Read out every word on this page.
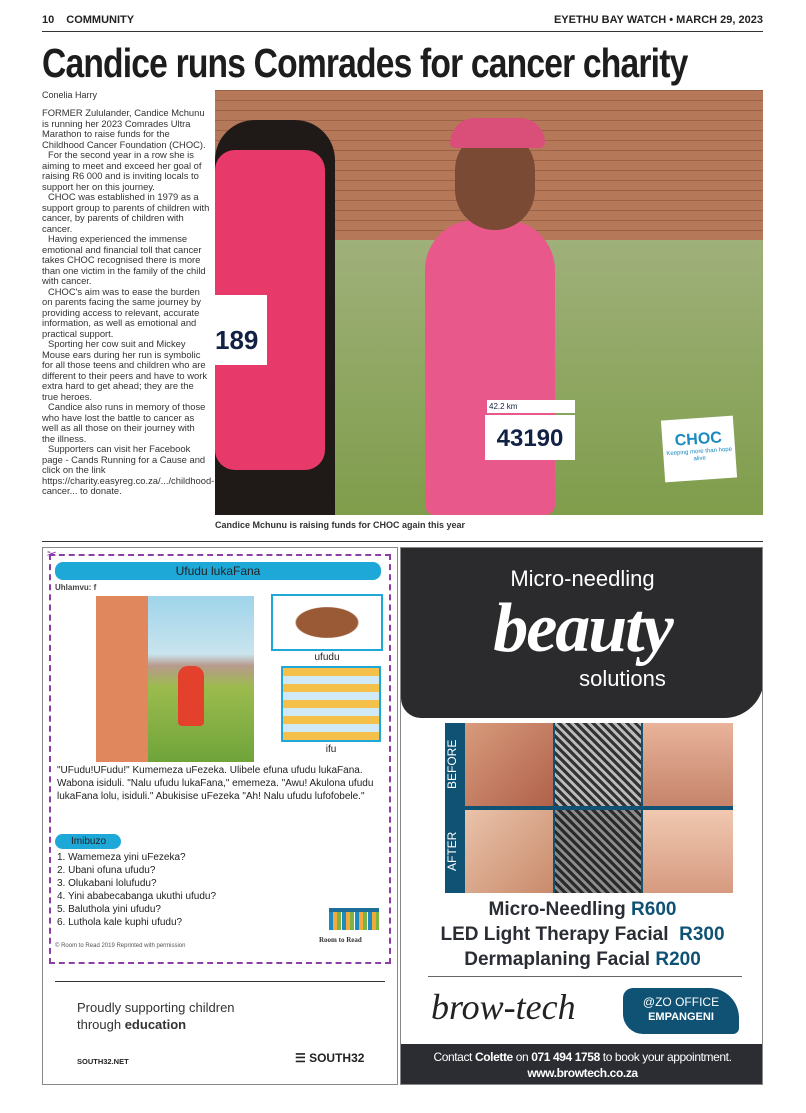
10 COMMUNITY	EYETHU BAY WATCH • MARCH 29, 2023
Candice runs Comrades for cancer charity
Conelia Harry

FORMER Zululander, Candice Mchunu is running her 2023 Comrades Ultra Marathon to raise funds for the Childhood Cancer Foundation (CHOC).

For the second year in a row she is aiming to meet and exceed her goal of raising R6 000 and is inviting locals to support her on this journey.

CHOC was established in 1979 as a support group to parents of children with cancer, by parents of children with cancer.

Having experienced the immense emotional and financial toll that cancer takes CHOC recognised there is more than one victim in the family of the child with cancer.

CHOC's aim was to ease the burden on parents facing the same journey by providing access to relevant, accurate information, as well as emotional and practical support.

Sporting her cow suit and Mickey Mouse ears during her run is symbolic for all those teens and children who are different to their peers and have to work extra hard to get ahead; they are the true heroes.

Candice also runs in memory of those who have lost the battle to cancer as well as all those on their journey with the illness.

Supporters can visit her Facebook page - Cands Running for a Cause and click on the link https://charity.easyreg.co.za/.../childhood-cancer... to donate.

189
42.2 km
43190	CHOC
Keeping more than hope alive
Candice Mchunu is raising funds for CHOC again this year
✂
Ufudu lukaFana
Uhlamvu: f
ufudu
ifu
"UFudu!UFudu!" Kumemeza uFezeka. Ulibele efuna ufudu lukaFana. Wabona isiduli. "Nalu ufudu lukaFana," ememeza. "Awu! Akulona ufudu lukaFana lolu, isiduli." Abukisise uFezeka "Ah! Nalu ufudu lufofobele."
Imibuzo
1. Wamemeza yini uFezeka?
2. Ubani ofuna ufudu?
3. Olukabani lolufudu?
4. Yini ababecabanga ukuthi ufudu?
5. Baluthola yini ufudu?
6. Luthola kale kuphi ufudu?
© Room to Read 2019 Reprinted with permission
Room to Read
Proudly supporting children
through education
SOUTH32.NET	☰ SOUTH32
Micro-needling
beauty
solutions
BEFORE
AFTER
Micro-Needling R600
LED Light Therapy Facial R300
Dermaplaning Facial R200
brow-tech	@ZO OFFICE
EMPANGENI
Contact Colette on 071 494 1758 to book your appointment.
www.browtech.co.za
